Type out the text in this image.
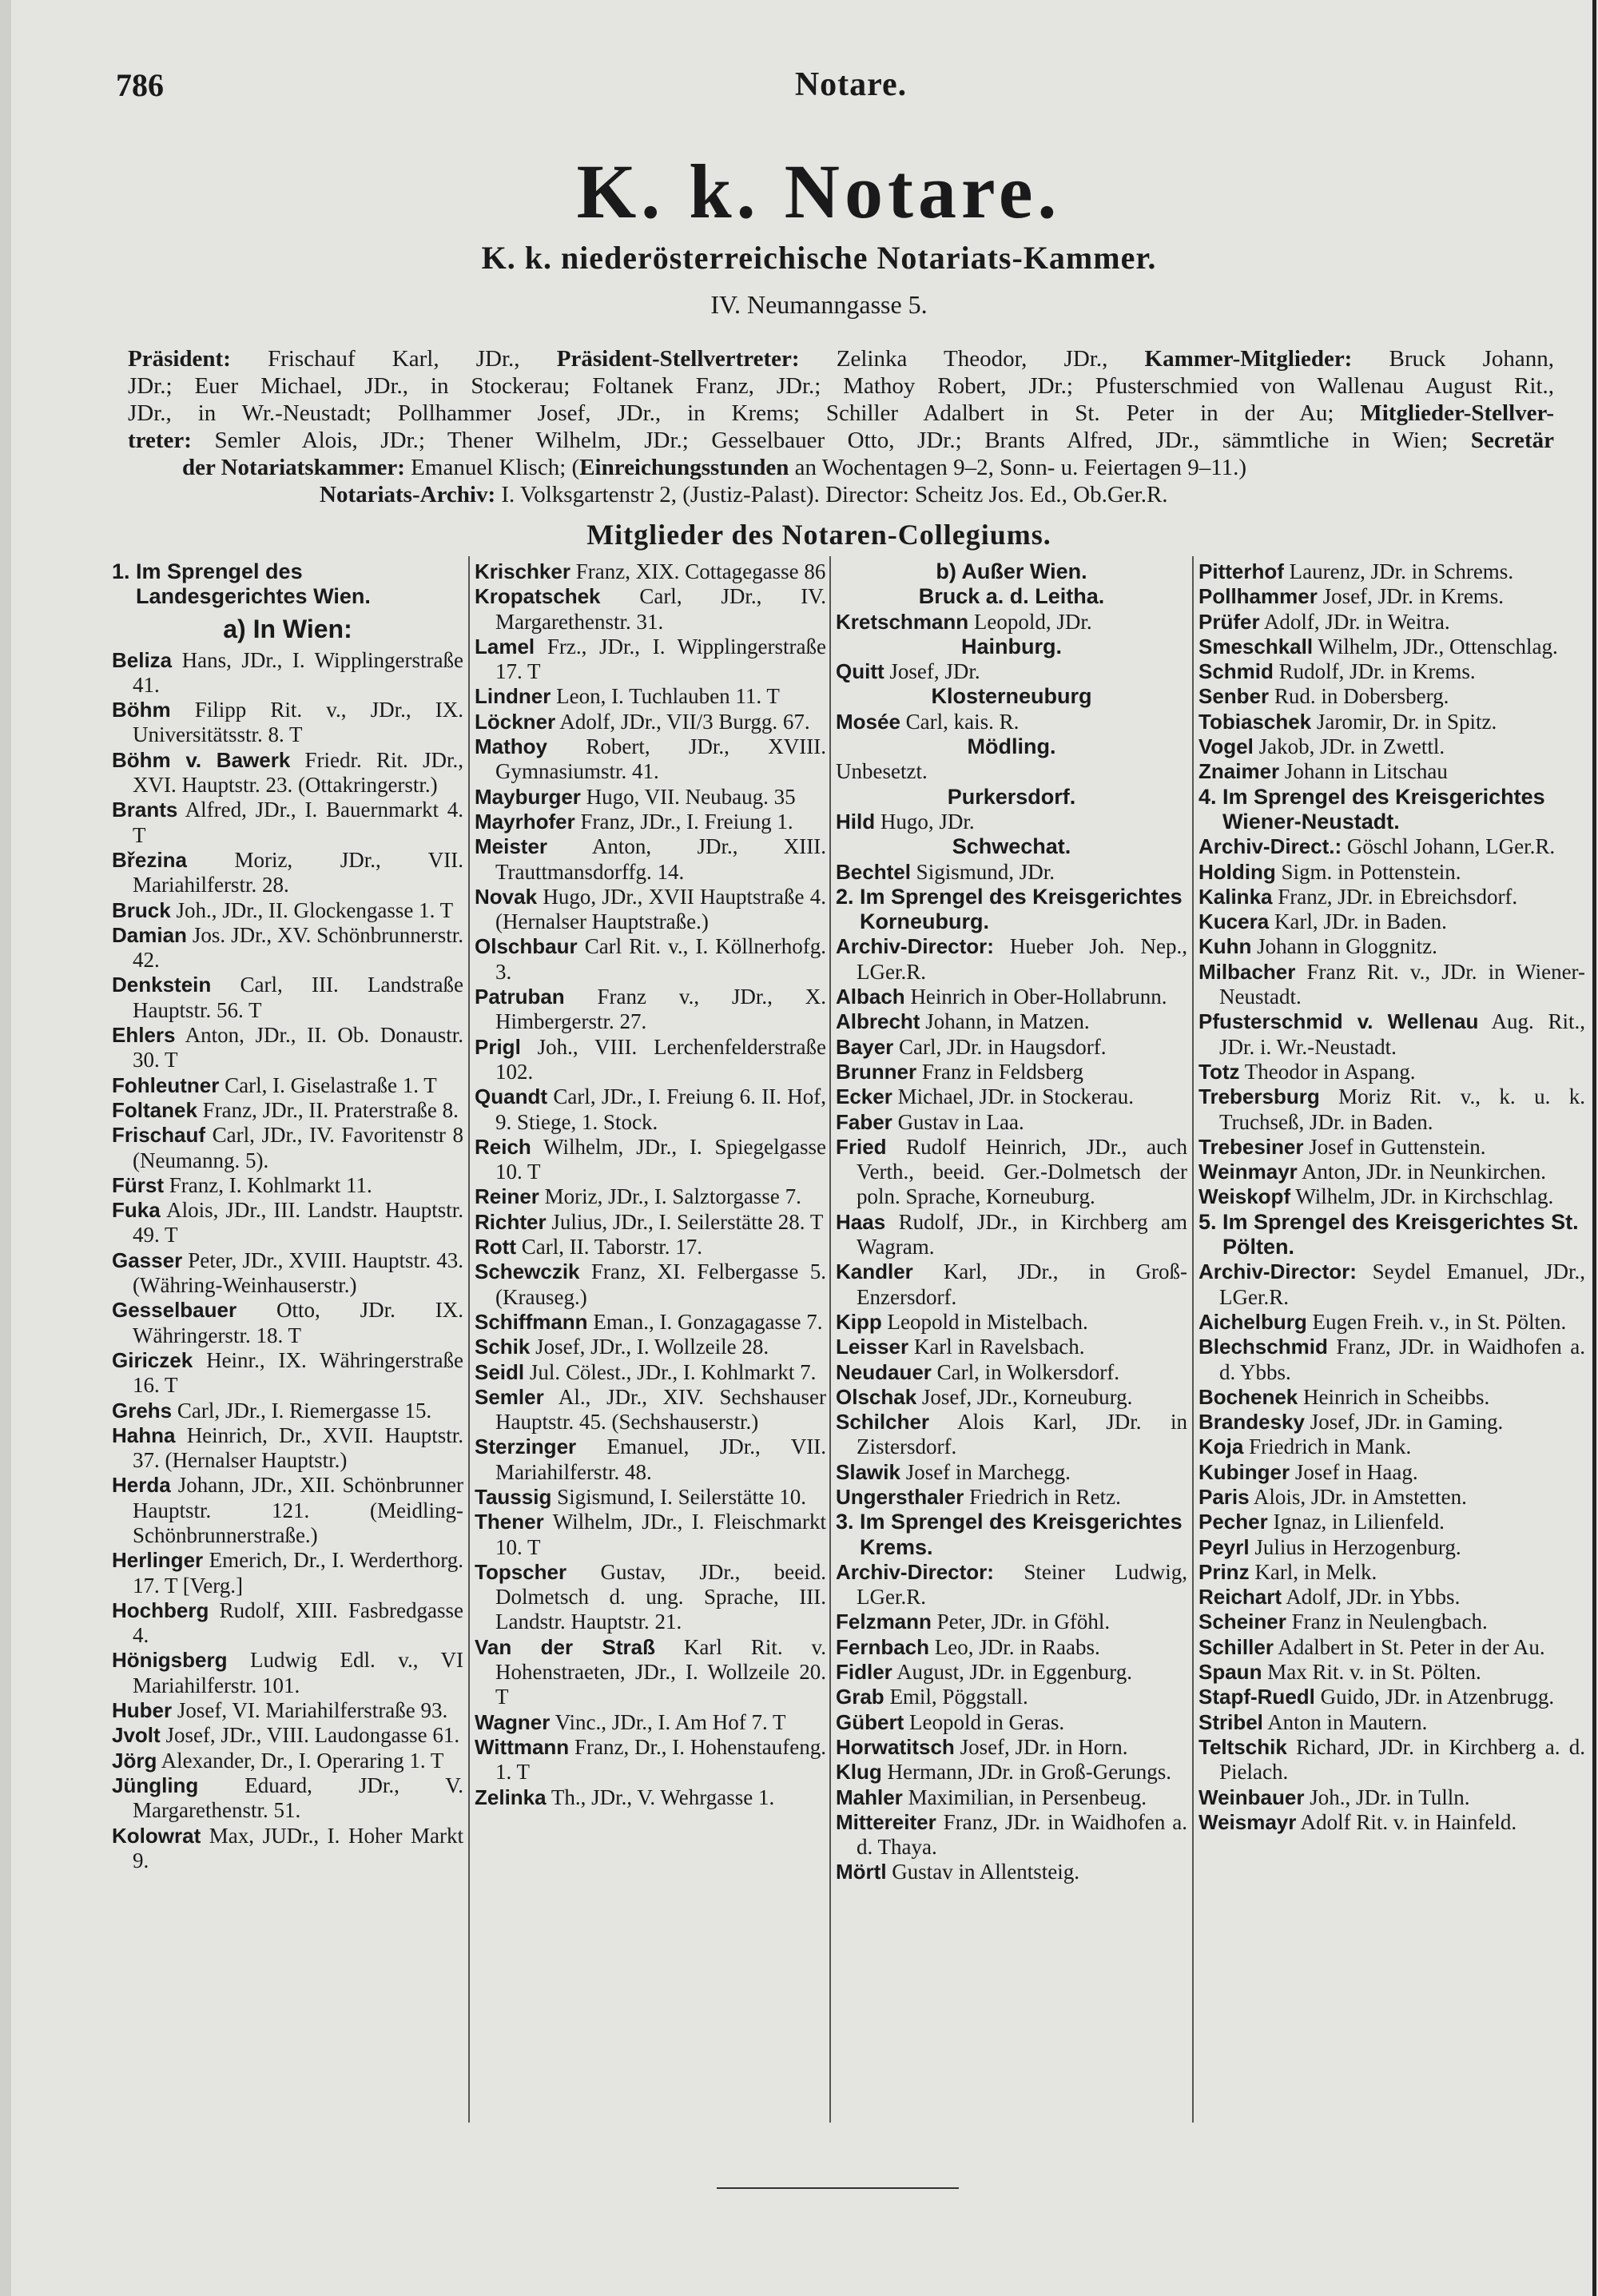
786	Notare.
K. k. Notare.
K. k. niederösterreichische Notariats-Kammer.
IV. Neumanngasse 5.
Präsident: Frischauf Karl, JDr., Präsident-Stellvertreter: Zelinka Theodor, JDr., Kammer-Mitglieder: Bruck Johann,
JDr.; Euer Michael, JDr., in Stockerau; Foltanek Franz, JDr.; Mathoy Robert, JDr.; Pfusterschmied von Wallenau August Rit.,
JDr., in Wr.-Neustadt; Pollhammer Josef, JDr., in Krems; Schiller Adalbert in St. Peter in der Au; Mitglieder-Stellver-
treter: Semler Alois, JDr.; Thener Wilhelm, JDr.; Gesselbauer Otto, JDr.; Brants Alfred, JDr., sämmtliche in Wien; Secretär
der Notariatskammer: Emanuel Klisch; (Einreichungsstunden an Wochentagen 9–2, Sonn- u. Feiertagen 9–11.)
Notariats-Archiv: I. Volksgartenstr 2, (Justiz-Palast). Director: Scheitz Jos. Ed., Ob.Ger.R.
Mitglieder des Notaren-Collegiums.
1. Im Sprengel des Landesgerichtes Wien.
a) In Wien:
Beliza Hans, JDr., I. Wipplingerstraße 41.
Böhm Filipp Rit. v., JDr., IX. Universitätsstr. 8. T
Böhm v. Bawerk Friedr. Rit. JDr., XVI. Hauptstr. 23. (Ottakringerstr.)
Brants Alfred, JDr., I. Bauernmarkt 4. T
Březina Moriz, JDr., VII. Mariahilferstr. 28.
Bruck Joh., JDr., II. Glockengasse 1. T
Damian Jos. JDr., XV. Schönbrunnerstr. 42.
Denkstein Carl, III. Landstraße Hauptstr. 56. T
Ehlers Anton, JDr., II. Ob. Donaustr. 30. T
Fohleutner Carl, I. Giselastraße 1. T
Foltanek Franz, JDr., II. Praterstraße 8.
Frischauf Carl, JDr., IV. Favoritenstr 8 (Neumanng. 5).
Fürst Franz, I. Kohlmarkt 11.
Fuka Alois, JDr., III. Landstr. Hauptstr. 49. T
Gasser Peter, JDr., XVIII. Hauptstr. 43. (Währing-Weinhauserstr.)
Gesselbauer Otto, JDr. IX. Währingerstr. 18. T
Giriczek Heinr., IX. Währingerstraße 16. T
Grehs Carl, JDr., I. Riemergasse 15.
Hahna Heinrich, Dr., XVII. Hauptstr. 37. (Hernalser Hauptstr.)
Herda Johann, JDr., XII. Schönbrunner Hauptstr. 121. (Meidling-Schönbrunnerstraße.)
Herlinger Emerich, Dr., I. Werderthorg. 17. T [Verg.]
Hochberg Rudolf, XIII. Fasbredgasse 4.
Hönigsberg Ludwig Edl. v., VI Mariahilferstr. 101.
Huber Josef, VI. Mariahilferstraße 93.
Jvolt Josef, JDr., VIII. Laudongasse 61.
Jörg Alexander, Dr., I. Operaring 1. T
Jüngling Eduard, JDr., V. Margarethenstr. 51.
Kolowrat Max, JUDr., I. Hoher Markt 9.
Krischker Franz, XIX. Cottagegasse 86
Kropatschek Carl, JDr., IV. Margarethenstr. 31.
Lamel Frz., JDr., I. Wipplingerstraße 17. T
Lindner Leon, I. Tuchlauben 11. T
Löckner Adolf, JDr., VII/3 Burgg. 67.
Mathoy Robert, JDr., XVIII. Gymnasiumstr. 41.
Mayburger Hugo, VII. Neubaug. 35
Mayrhofer Franz, JDr., I. Freiung 1.
Meister Anton, JDr., XIII. Trauttmansdorffg. 14.
Novak Hugo, JDr., XVII Hauptstraße 4. (Hernalser Hauptstraße.)
Olschbaur Carl Rit. v., I. Köllnerhofg. 3.
Patruban Franz v., JDr., X. Himbergerstr. 27.
Prigl Joh., VIII. Lerchenfelderstraße 102.
Quandt Carl, JDr., I. Freiung 6. II. Hof, 9. Stiege, 1. Stock.
Reich Wilhelm, JDr., I. Spiegelgasse 10. T
Reiner Moriz, JDr., I. Salztorgasse 7.
Richter Julius, JDr., I. Seilerstätte 28. T
Rott Carl, II. Taborstr. 17.
Schewczik Franz, XI. Felbergasse 5. (Krauseg.)
Schiffmann Eman., I. Gonzagagasse 7.
Schik Josef, JDr., I. Wollzeile 28.
Seidl Jul. Cölest., JDr., I. Kohlmarkt 7.
Semler Al., JDr., XIV. Sechshauser Hauptstr. 45. (Sechshauserstr.)
Sterzinger Emanuel, JDr., VII. Mariahilferstr. 48.
Taussig Sigismund, I. Seilerstätte 10.
Thener Wilhelm, JDr., I. Fleischmarkt 10. T
Topscher Gustav, JDr., beeid. Dolmetsch d. ung. Sprache, III. Landstr. Hauptstr. 21.
Van der Straß Karl Rit. v. Hohenstraeten, JDr., I. Wollzeile 20. T
Wagner Vinc., JDr., I. Am Hof 7. T
Wittmann Franz, Dr., I. Hohenstaufeng. 1. T
Zelinka Th., JDr., V. Wehrgasse 1.
b) Außer Wien.
Bruck a. d. Leitha.
Kretschmann Leopold, JDr.
Hainburg.
Quitt Josef, JDr.
Klosterneuburg
Mosée Carl, kais. R.
Mödling.
Unbesetzt.
Purkersdorf.
Hild Hugo, JDr.
Schwechat.
Bechtel Sigismund, JDr.
2. Im Sprengel des Kreisgerichtes Korneuburg.
Archiv-Director: Hueber Joh. Nep., LGer.R.
Albach Heinrich in Ober-Hollabrunn.
Albrecht Johann, in Matzen.
Bayer Carl, JDr. in Haugsdorf.
Brunner Franz in Feldsberg
Ecker Michael, JDr. in Stockerau.
Faber Gustav in Laa.
Fried Rudolf Heinrich, JDr., auch Verth., beeid. Ger.-Dolmetsch der poln. Sprache, Korneuburg.
Haas Rudolf, JDr., in Kirchberg am Wagram.
Kandler Karl, JDr., in Groß-Enzersdorf.
Kipp Leopold in Mistelbach.
Leisser Karl in Ravelsbach.
Neudauer Carl, in Wolkersdorf.
Olschak Josef, JDr., Korneuburg.
Schilcher Alois Karl, JDr. in Zistersdorf.
Slawik Josef in Marchegg.
Ungersthaler Friedrich in Retz.
3. Im Sprengel des Kreisgerichtes Krems.
Archiv-Director: Steiner Ludwig, LGer.R.
Felzmann Peter, JDr. in Gföhl.
Fernbach Leo, JDr. in Raabs.
Fidler August, JDr. in Eggenburg.
Grab Emil, Pöggstall.
Gübert Leopold in Geras.
Horwatitsch Josef, JDr. in Horn.
Klug Hermann, JDr. in Groß-Gerungs.
Mahler Maximilian, in Persenbeug.
Mittereiter Franz, JDr. in Waidhofen a. d. Thaya.
Mörtl Gustav in Allentsteig.
Pitterhof Laurenz, JDr. in Schrems.
Pollhammer Josef, JDr. in Krems.
Prüfer Adolf, JDr. in Weitra.
Smeschkall Wilhelm, JDr., Ottenschlag.
Schmid Rudolf, JDr. in Krems.
Senber Rud. in Dobersberg.
Tobiaschek Jaromir, Dr. in Spitz.
Vogel Jakob, JDr. in Zwettl.
Znaimer Johann in Litschau
4. Im Sprengel des Kreisgerichtes Wiener-Neustadt.
Archiv-Direct.: Göschl Johann, LGer.R.
Holding Sigm. in Pottenstein.
Kalinka Franz, JDr. in Ebreichsdorf.
Kucera Karl, JDr. in Baden.
Kuhn Johann in Gloggnitz.
Milbacher Franz Rit. v., JDr. in Wiener-Neustadt.
Pfusterschmid v. Wellenau Aug. Rit., JDr. i. Wr.-Neustadt.
Totz Theodor in Aspang.
Trebersburg Moriz Rit. v., k. u. k. Truchseß, JDr. in Baden.
Trebesiner Josef in Guttenstein.
Weinmayr Anton, JDr. in Neunkirchen.
Weiskopf Wilhelm, JDr. in Kirchschlag.
5. Im Sprengel des Kreisgerichtes St. Pölten.
Archiv-Director: Seydel Emanuel, JDr., LGer.R.
Aichelburg Eugen Freih. v., in St. Pölten.
Blechschmid Franz, JDr. in Waidhofen a. d. Ybbs.
Bochenek Heinrich in Scheibbs.
Brandesky Josef, JDr. in Gaming.
Koja Friedrich in Mank.
Kubinger Josef in Haag.
Paris Alois, JDr. in Amstetten.
Pecher Ignaz, in Lilienfeld.
Peyrl Julius in Herzogenburg.
Prinz Karl, in Melk.
Reichart Adolf, JDr. in Ybbs.
Scheiner Franz in Neulengbach.
Schiller Adalbert in St. Peter in der Au.
Spaun Max Rit. v. in St. Pölten.
Stapf-Ruedl Guido, JDr. in Atzenbrugg.
Stribel Anton in Mautern.
Teltschik Richard, JDr. in Kirchberg a. d. Pielach.
Weinbauer Joh., JDr. in Tulln.
Weismayr Adolf Rit. v. in Hainfeld.
